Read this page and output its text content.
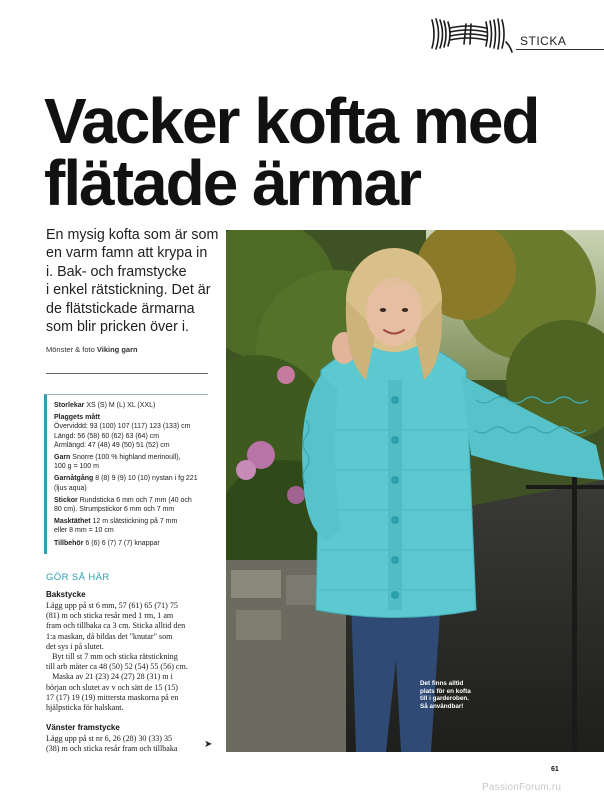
STICKA
Vacker kofta med
flätade ärmar
En mysig kofta som är som
en varm famn att krypa in
i. Bak- och framstycke
i enkel rätstickning. Det är
de flätstickade ärmarna
som blir pricken över i.
Mönster & foto Viking garn
Storlekar XS (S) M (L) XL (XXL)
Plaggets mått
Överviddd: 93 (100) 107 (117) 123 (133) cm
Längd: 56 (58) 60 (62) 63 (64) cm
Ärmlängd: 47 (48) 49 (50) 51 (52) cm
Garn Snorre (100 % highland merinoull),
100 g = 100 m
Garnåtgång 8 (8) 9 (9) 10 (10) nystan i fg 221
(ljus aqua)
Stickor Rundsticka 6 mm och 7 mm (40 och
80 cm). Strumpstickor 6 mm och 7 mm
Masktäthet 12 m slätstickning på 7 mm
eller 8 mm = 10 cm
Tillbehör 6 (6) 6 (7) 7 (7) knappar
GÖR SÅ HÄR
Bakstycke
Lägg upp på st 6 mm, 57 (61) 65 (71) 75
(81) m och sticka resår med 1 rm, 1 am
fram och tillbaka ca 3 cm. Sticka alltid den
1:a maskan, då bildas det "knutar" som
det sys i på slutet.
Byt till st 7 mm och sticka rätstickning
till arb mäter ca 48 (50) 52 (54) 55 (56) cm.
Maska av 21 (23) 24 (27) 28 (31) m i
början och slutet av v och sätt de 15 (15)
17 (17) 19 (19) mittersta maskorna på en
hjälpsticka för halskant.
Vänster framstycke
Lägg upp på st nr 6, 26 (28) 30 (33) 35
(38) m och sticka resår fram och tillbaka	➤
Det finns alltid
plats för en kofta
till i garderoben.
Så användbar!
61
PassionForum.ru
